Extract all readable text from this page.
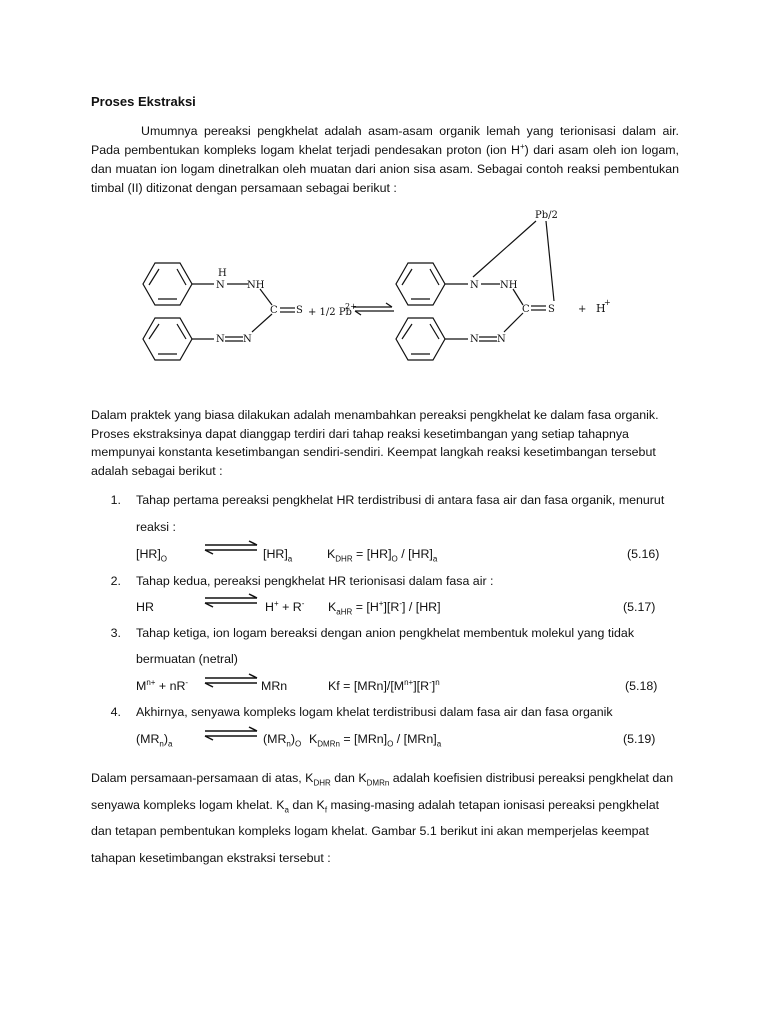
Proses Ekstraksi
Umumnya pereaksi pengkhelat adalah asam-asam organik lemah yang terionisasi dalam air. Pada pembentukan kompleks logam khelat terjadi pendesakan proton (ion H+) dari asam oleh ion logam, dan muatan ion logam dinetralkan oleh muatan dari anion sisa asam. Sebagai contoh reaksi pembentukan timbal (II) ditizonat dengan persamaan sebagai berikut :
H
N NH
C S
N N
+ 1/2 Pb
2+
Pb/2
N NH
C S
N N
+ H
+
Dalam praktek yang biasa dilakukan adalah menambahkan pereaksi pengkhelat ke dalam fasa organik. Proses ekstraksinya dapat dianggap terdiri dari tahap reaksi kesetimbangan yang setiap tahapnya mempunyai konstanta kesetimbangan sendiri-sendiri. Keempat langkah reaksi kesetimbangan tersebut adalah sebagai berikut :
1. Tahap pertama pereaksi pengkhelat HR terdistribusi di antara fasa air dan fasa organik, menurut
reaksi :
$[HR]_O$	$[HR]_a$	$K_{DHR} = [HR]_O / [HR]_a$	(5.16)
2. Tahap kedua, pereaksi pengkhelat HR terionisasi dalam fasa air :
HR	H+ + R- $K_{aHR} = [H^+][R^-] / [HR]$	(5.17)
3. Tahap ketiga, ion logam bereaksi dengan anion pengkhelat membentuk molekul yang tidak
bermuatan (netral)
$M^{n+} + nR^-$	MRn	$Kf = [MRn]/[M^{n+}][R^-]^n$	(5.18)
4. Akhirnya, senyawa kompleks logam khelat terdistribusi dalam fasa air dan fasa organik
$(MR_n)_a$	$(MR_n)_O$ $K_{DMRn} = [MRn]_O / [MRn]_a$	(5.19)
Dalam persamaan-persamaan di atas, $K_{DHR}$ dan $K_{DMRn}$ adalah koefisien distribusi pereaksi pengkhelat dan senyawa kompleks logam khelat. $K_a$ dan $K_f$ masing-masing adalah tetapan ionisasi pereaksi pengkhelat dan tetapan pembentukan kompleks logam khelat. Gambar 5.1 berikut ini akan memperjelas keempat tahapan kesetimbangan ekstraksi tersebut :
